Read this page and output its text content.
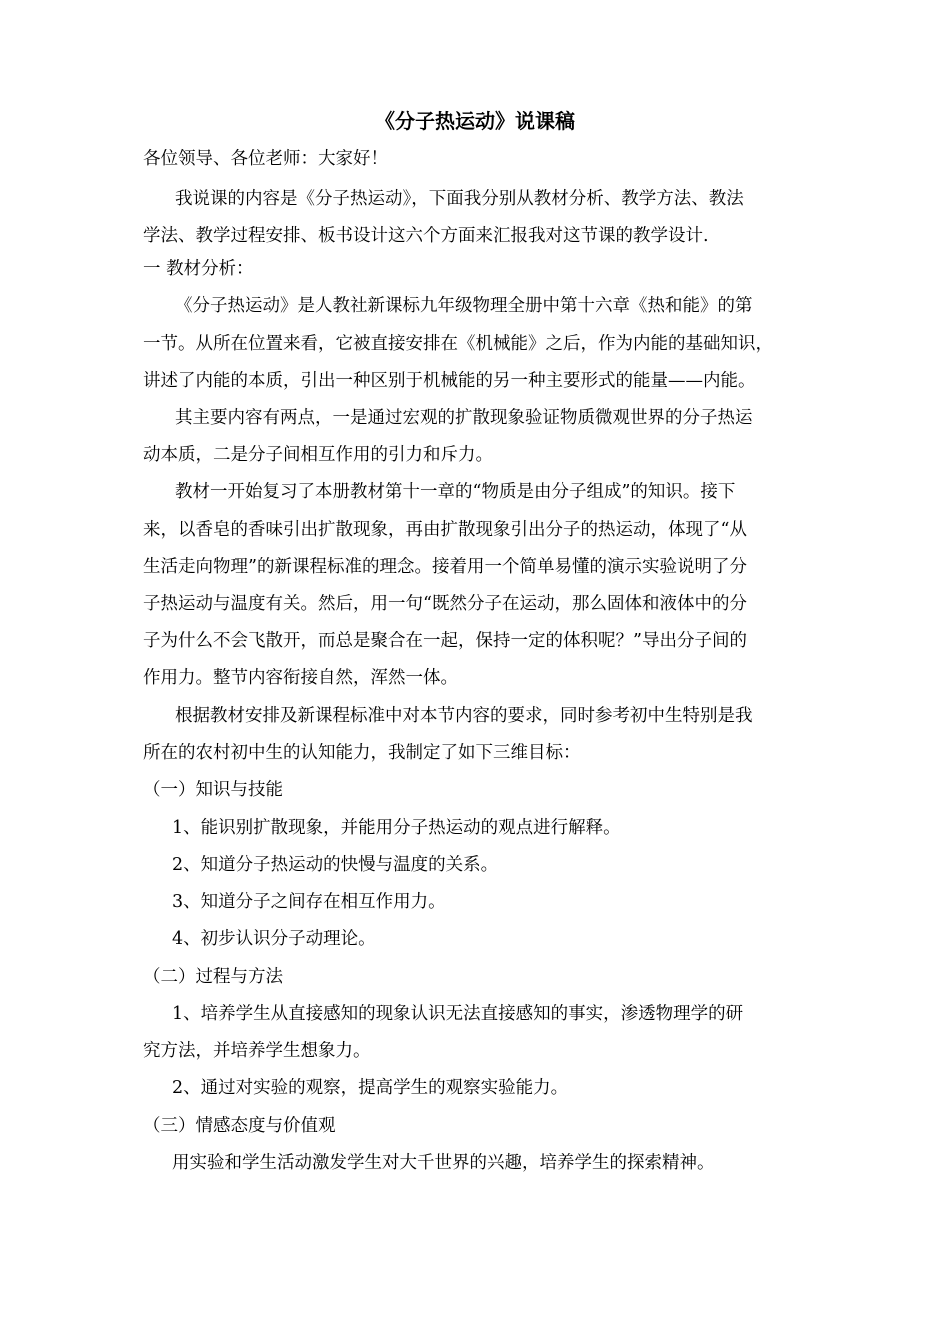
《分子热运动》说课稿
各位领导、各位老师：大家好！
我说课的内容是《分子热运动》，下面我分别从教材分析、教学方法、教法
学法、教学过程安排、板书设计这六个方面来汇报我对这节课的教学设计.
一 教材分析：
《分子热运动》是人教社新课标九年级物理全册中第十六章《热和能》的第
一节。从所在位置来看，它被直接安排在《机械能》之后，作为内能的基础知识，
讲述了内能的本质，引出一种区别于机械能的另一种主要形式的能量——内能。
其主要内容有两点，一是通过宏观的扩散现象验证物质微观世界的分子热运
动本质，二是分子间相互作用的引力和斥力。
教材一开始复习了本册教材第十一章的“物质是由分子组成”的知识。接下
来，以香皂的香味引出扩散现象，再由扩散现象引出分子的热运动，体现了“从
生活走向物理”的新课程标准的理念。接着用一个简单易懂的演示实验说明了分
子热运动与温度有关。然后，用一句“既然分子在运动，那么固体和液体中的分
子为什么不会飞散开，而总是聚合在一起，保持一定的体积呢？”导出分子间的
作用力。整节内容衔接自然，浑然一体。
根据教材安排及新课程标准中对本节内容的要求，同时参考初中生特别是我
所在的农村初中生的认知能力，我制定了如下三维目标：
（一）知识与技能
1、能识别扩散现象，并能用分子热运动的观点进行解释。
2、知道分子热运动的快慢与温度的关系。
3、知道分子之间存在相互作用力。
4、初步认识分子动理论。
（二）过程与方法
1、培养学生从直接感知的现象认识无法直接感知的事实，渗透物理学的研
究方法，并培养学生想象力。
2、通过对实验的观察，提高学生的观察实验能力。
（三）情感态度与价值观
用实验和学生活动激发学生对大千世界的兴趣，培养学生的探索精神。
